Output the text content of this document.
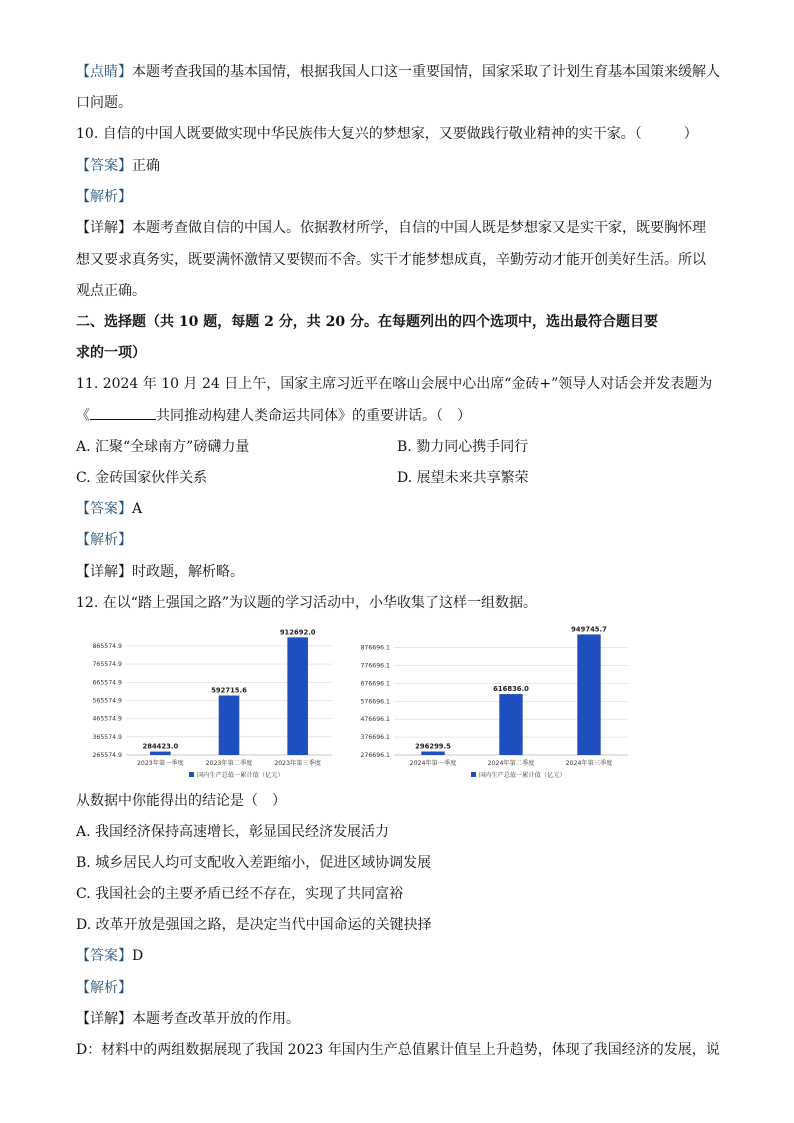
【点睛】本题考查我国的基本国情，根据我国人口这一重要国情，国家采取了计划生育基本国策来缓解人
口问题。
10. 自信的中国人既要做实现中华民族伟大复兴的梦想家，又要做践行敬业精神的实干家。（　　　）
【答案】正确
【解析】
【详解】本题考查做自信的中国人。依据教材所学，自信的中国人既是梦想家又是实干家，既要胸怀理
想又要求真务实，既要满怀激情又要锲而不舍。实干才能梦想成真，辛勤劳动才能开创美好生活。所以
观点正确。
二、选择题（共 10 题，每题 2 分，共 20 分。在每题列出的四个选项中，选出最符合题目要
求的一项）
11. 2024 年 10 月 24 日上午，国家主席习近平在喀山会展中心出席“金砖+”领导人对话会并发表题为
《	共同推动构建人类命运共同体》的重要讲话。（　）
A. 汇聚“全球南方”磅礴力量	B. 勠力同心携手同行
C. 金砖国家伙伴关系	D. 展望未来共享繁荣
【答案】A
【解析】
【详解】时政题，解析略。
12. 在以“踏上强国之路”为议题的学习活动中，小华收集了这样一组数据。
865574.9
765574.9
665574.9
565574.9
465574.9
365574.9
265574.9
284423.0
2023年第一季度
592715.6
2023年第二季度
912692.0
2023年第三季度
国内生产总值一累计值（亿元）
876696.1
776696.1
676696.1
576696.1
476696.1
376696.1
276696.1
296299.5
2024年第一季度
616836.0
2024年第二季度
949745.7
2024年第三季度
国内生产总值一累计值（亿元）
从数据中你能得出的结论是（　）
A. 我国经济保持高速增长，彰显国民经济发展活力
B. 城乡居民人均可支配收入差距缩小，促进区域协调发展
C. 我国社会的主要矛盾已经不存在，实现了共同富裕
D. 改革开放是强国之路，是决定当代中国命运的关键抉择
【答案】D
【解析】
【详解】本题考查改革开放的作用。
D：材料中的两组数据展现了我国 2023 年国内生产总值累计值呈上升趋势，体现了我国经济的发展，说
